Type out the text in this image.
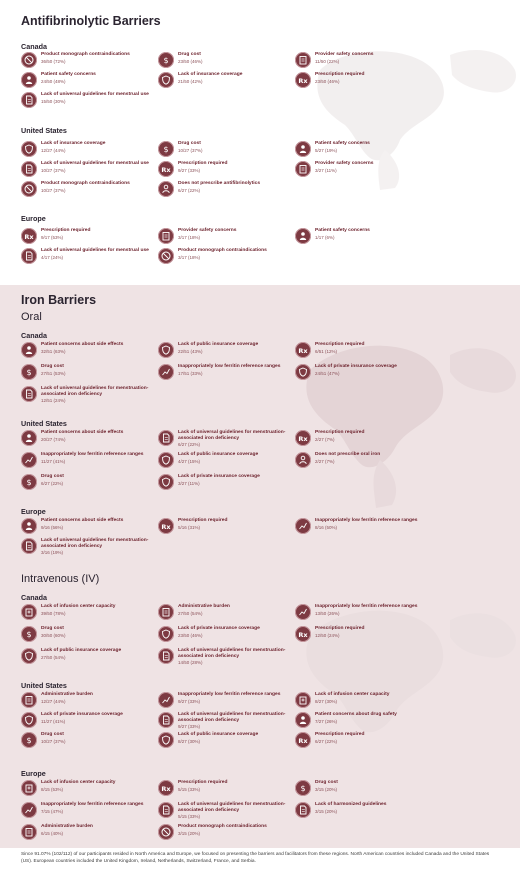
Antifibrinolytic Barriers
Canada
United States
Europe
Iron Barriers
Oral
Canada
United States
Europe
Intravenous (IV)
Canada
United States
Europe
Product monograph contraindications
36/50 (72%)	$
Drug cost
23/50 (46%)
Provider safety concerns
11/50 (22%)
Patient safety concerns
24/50 (48%)
Lack of insurance coverage
21/50 (42%)	Rx
Prescription required
23/50 (46%)
Lack of universal guidelines for menstrual use
15/50 (30%)
Lack of insurance coverage
12/27 (44%)	$
Drug cost
10/27 (37%)
Patient safety concerns
5/27 (19%)
Lack of universal guidelines for menstrual use
10/27 (37%)	Rx
Prescription required
9/27 (33%)
Provider safety concerns
3/27 (11%)
Product monograph contraindications
10/27 (37%)
Does not prescribe antifibrinolytics
6/27 (22%)
Rx
Prescription required
9/17 (53%)
Provider safety concerns
3/17 (18%)
Patient safety concerns
1/17 (6%)
Lack of universal guidelines for menstrual use
4/17 (24%)
Product monograph contraindications
3/17 (18%)
Patient concerns about side effects
32/51 (63%)
Lack of public insurance coverage
22/51 (43%)	Rx
Prescription required
6/51 (12%)
$
Drug cost
27/51 (53%)
Inappropriately low ferritin reference ranges
17/51 (33%)
Lack of private insurance coverage
24/51 (47%)
Lack of universal guidelines for menstruation-associated iron deficiency
12/51 (24%)
Patient concerns about side effects
20/27 (74%)
Lack of universal guidelines for menstruation-associated iron deficiency
6/27 (22%)
Rx
Prescription required
2/27 (7%)
Inappropriately low ferritin reference ranges
11/27 (41%)
Lack of public insurance coverage
4/27 (15%)
Does not prescribe oral iron
2/27 (7%)
$
Drug cost
6/27 (22%)
Lack of private insurance coverage
3/27 (11%)
Patient concerns about side effects
9/16 (56%)	Rx
Prescription required
5/16 (31%)
Inappropriately low ferritin reference ranges
8/16 (50%)
Lack of universal guidelines for menstruation-associated iron deficiency
3/16 (19%)
Lack of infusion center capacity
39/50 (78%)
Administrative burden
27/50 (54%)
Inappropriately low ferritin reference ranges
13/50 (26%)
$
Drug cost
30/50 (60%)
Lack of private insurance coverage
23/50 (46%)	Rx
Prescription required
12/50 (24%)
Lack of public insurance coverage
27/50 (54%)
Lack of universal guidelines for menstruation-associated iron deficiency
14/50 (28%)
Administrative burden
12/27 (44%)
Inappropriately low ferritin reference ranges
9/27 (33%)
Lack of infusion center capacity
8/27 (30%)
Lack of private insurance coverage
11/27 (41%)
Lack of universal guidelines for menstruation-associated iron deficiency
9/27 (33%)
Patient concerns about drug safety
7/27 (26%)
$
Drug cost
10/27 (37%)
Lack of public insurance coverage
8/27 (30%)	Rx
Prescription required
6/27 (22%)
Lack of infusion center capacity
8/15 (53%)	Rx
Prescription required
5/15 (33%)	$
Drug cost
3/15 (20%)
Inappropriately low ferritin reference ranges
7/15 (47%)
Lack of universal guidelines for menstruation-associated iron deficiency
5/15 (33%)
Lack of harmonized guidelines
3/15 (20%)
Administrative burden
6/15 (40%)
Product monograph contraindications
3/15 (20%)
Since 91.07% (102/112) of our participants resided in North America and Europe, we focused on presenting the barriers and facilitators from these regions. North American countries included Canada and the United States (US). European countries included the United Kingdom, Ireland, Netherlands, Switzerland, France, and Serbia.
